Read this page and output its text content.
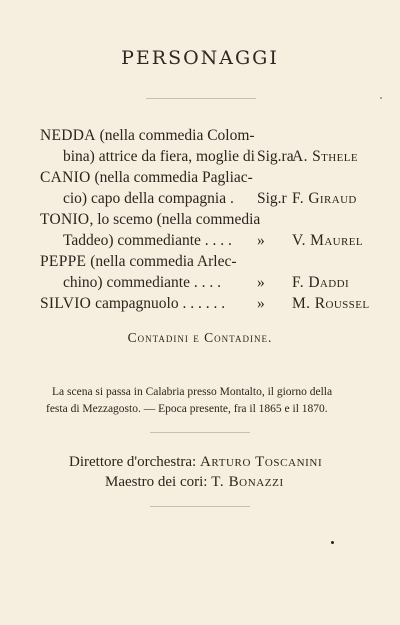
PERSONAGGI
NEDDA (nella commedia Colom-
bina) attrice da fiera, moglie di Sig.ra
A. Sthele
CANIO (nella commedia Pagliac-
cio) capo della compagnia . Sig.r F. Giraud
TONIO, lo scemo (nella commedia
Taddeo) commediante . . . . » V. Maurel
PEPPE (nella commedia Arlec-
chino) commediante . . . . » F. Daddi
SILVIO campagnuolo . . . . . . » M. Roussel
Contadini e Contadine.
La scena si passa in Calabria presso Montalto, il giorno della
festa di Mezzagosto. — Epoca presente, fra il 1865 e il 1870.
Direttore d'orchestra: Arturo Toscanini
Maestro dei cori: T. Bonazzi
